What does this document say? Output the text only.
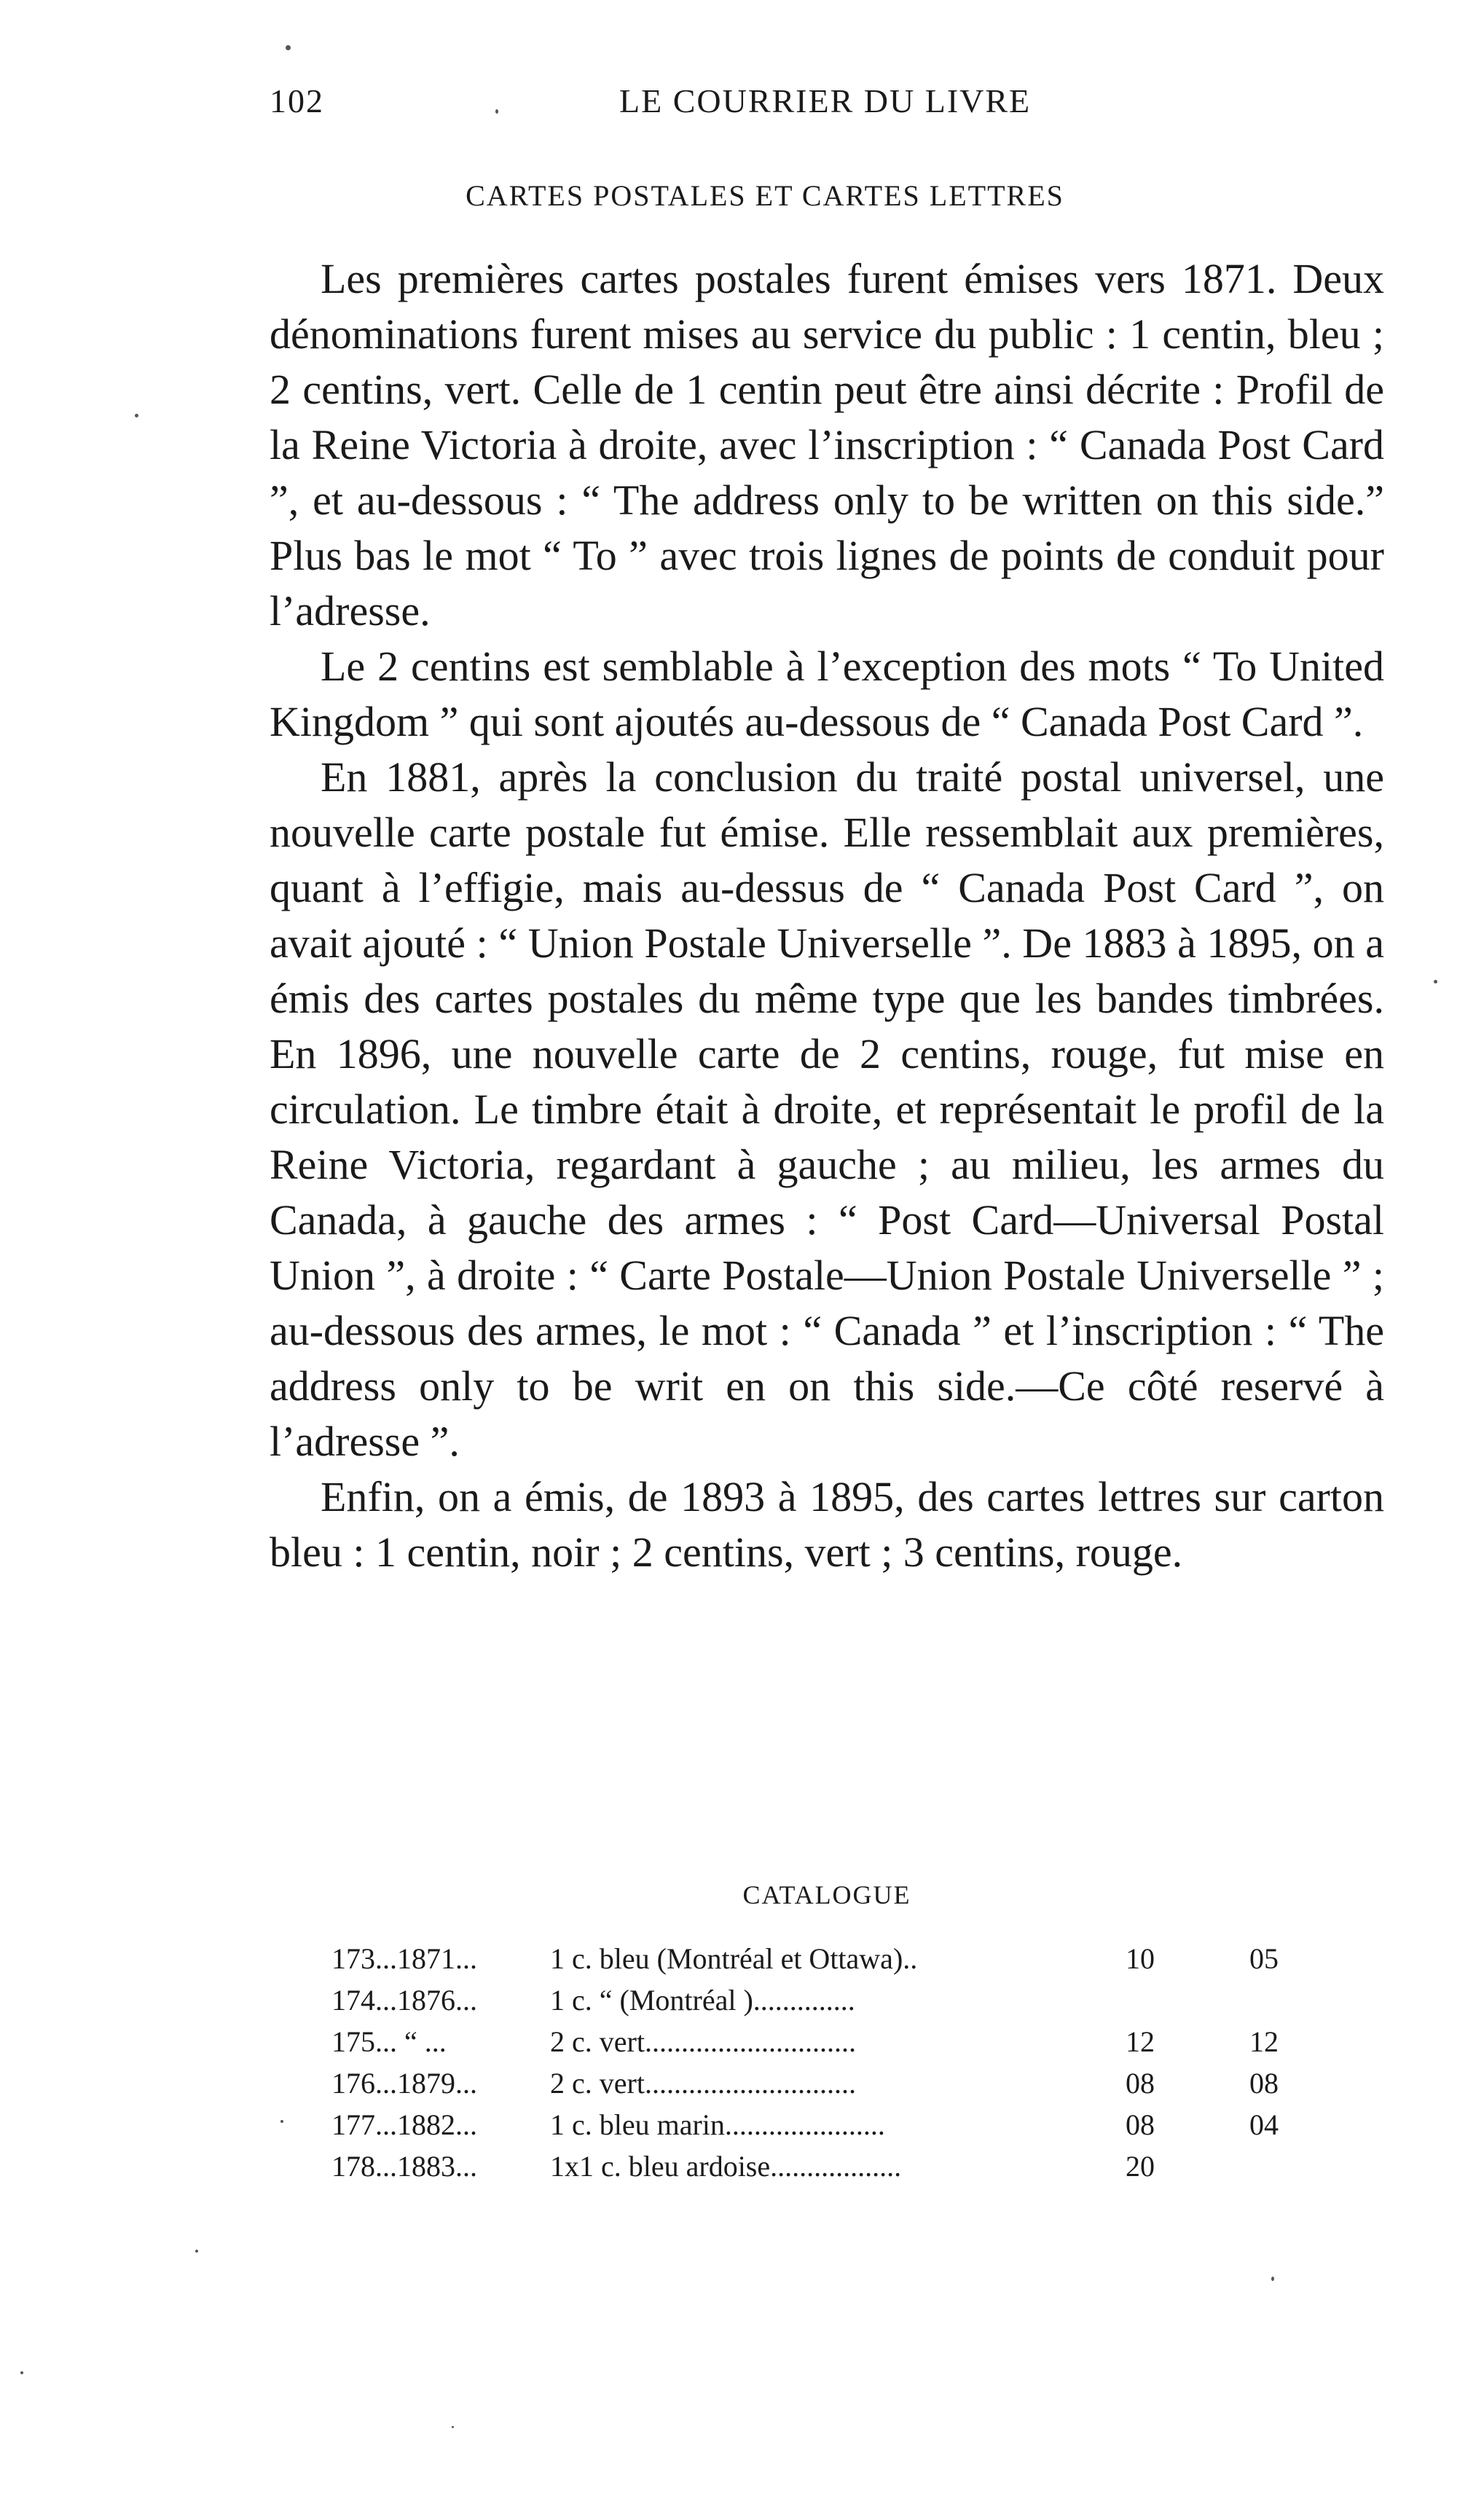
102	LE COURRIER DU LIVRE
CARTES POSTALES ET CARTES LETTRES

Les premières cartes postales furent émises vers 1871. Deux dénominations furent mises au service du public : 1 centin, bleu ; 2 centins, vert. Celle de 1 centin peut être ainsi décrite : Profil de la Reine Victoria à droite, avec l’inscription : “ Canada Post Card ”, et au-dessous : “ The address only to be written on this side.” Plus bas le mot “ To ” avec trois lignes de points de conduit pour l’adresse.

Le 2 centins est semblable à l’exception des mots “ To United Kingdom ” qui sont ajoutés au-dessous de “ Canada Post Card ”.

En 1881, après la conclusion du traité postal universel, une nouvelle carte postale fut émise. Elle ressemblait aux premières, quant à l’effigie, mais au-dessus de “ Canada Post Card ”, on avait ajouté : “ Union Postale Universelle ”. De 1883 à 1895, on a émis des cartes postales du même type que les bandes timbrées. En 1896, une nouvelle carte de 2 centins, rouge, fut mise en circulation. Le timbre était à droite, et représentait le profil de la Reine Victoria, regardant à gauche ; au milieu, les armes du Canada, à gauche des armes : “ Post Card—Universal Postal Union ”, à droite : “ Carte Postale—Union Postale Universelle ” ; au-dessous des armes, le mot : “ Canada ” et l’inscription : “ The address only to be writ en on this side.—Ce côté reservé à l’adresse ”.

Enfin, on a émis, de 1893 à 1895, des cartes lettres sur carton bleu : 1 centin, noir ; 2 centins, vert ; 3 centins, rouge.

CATALOGUE
173...1871...	1 c. bleu (Montréal et Ottawa)..	10	05
174...1876...	1 c. “ (Montréal )..............		
175... “ ...	2 c. vert.............................	12	12
176...1879...	2 c. vert.............................	08	08
177...1882...	1 c. bleu marin......................	08	04
178...1883...	1x1 c. bleu ardoise..................	20	
